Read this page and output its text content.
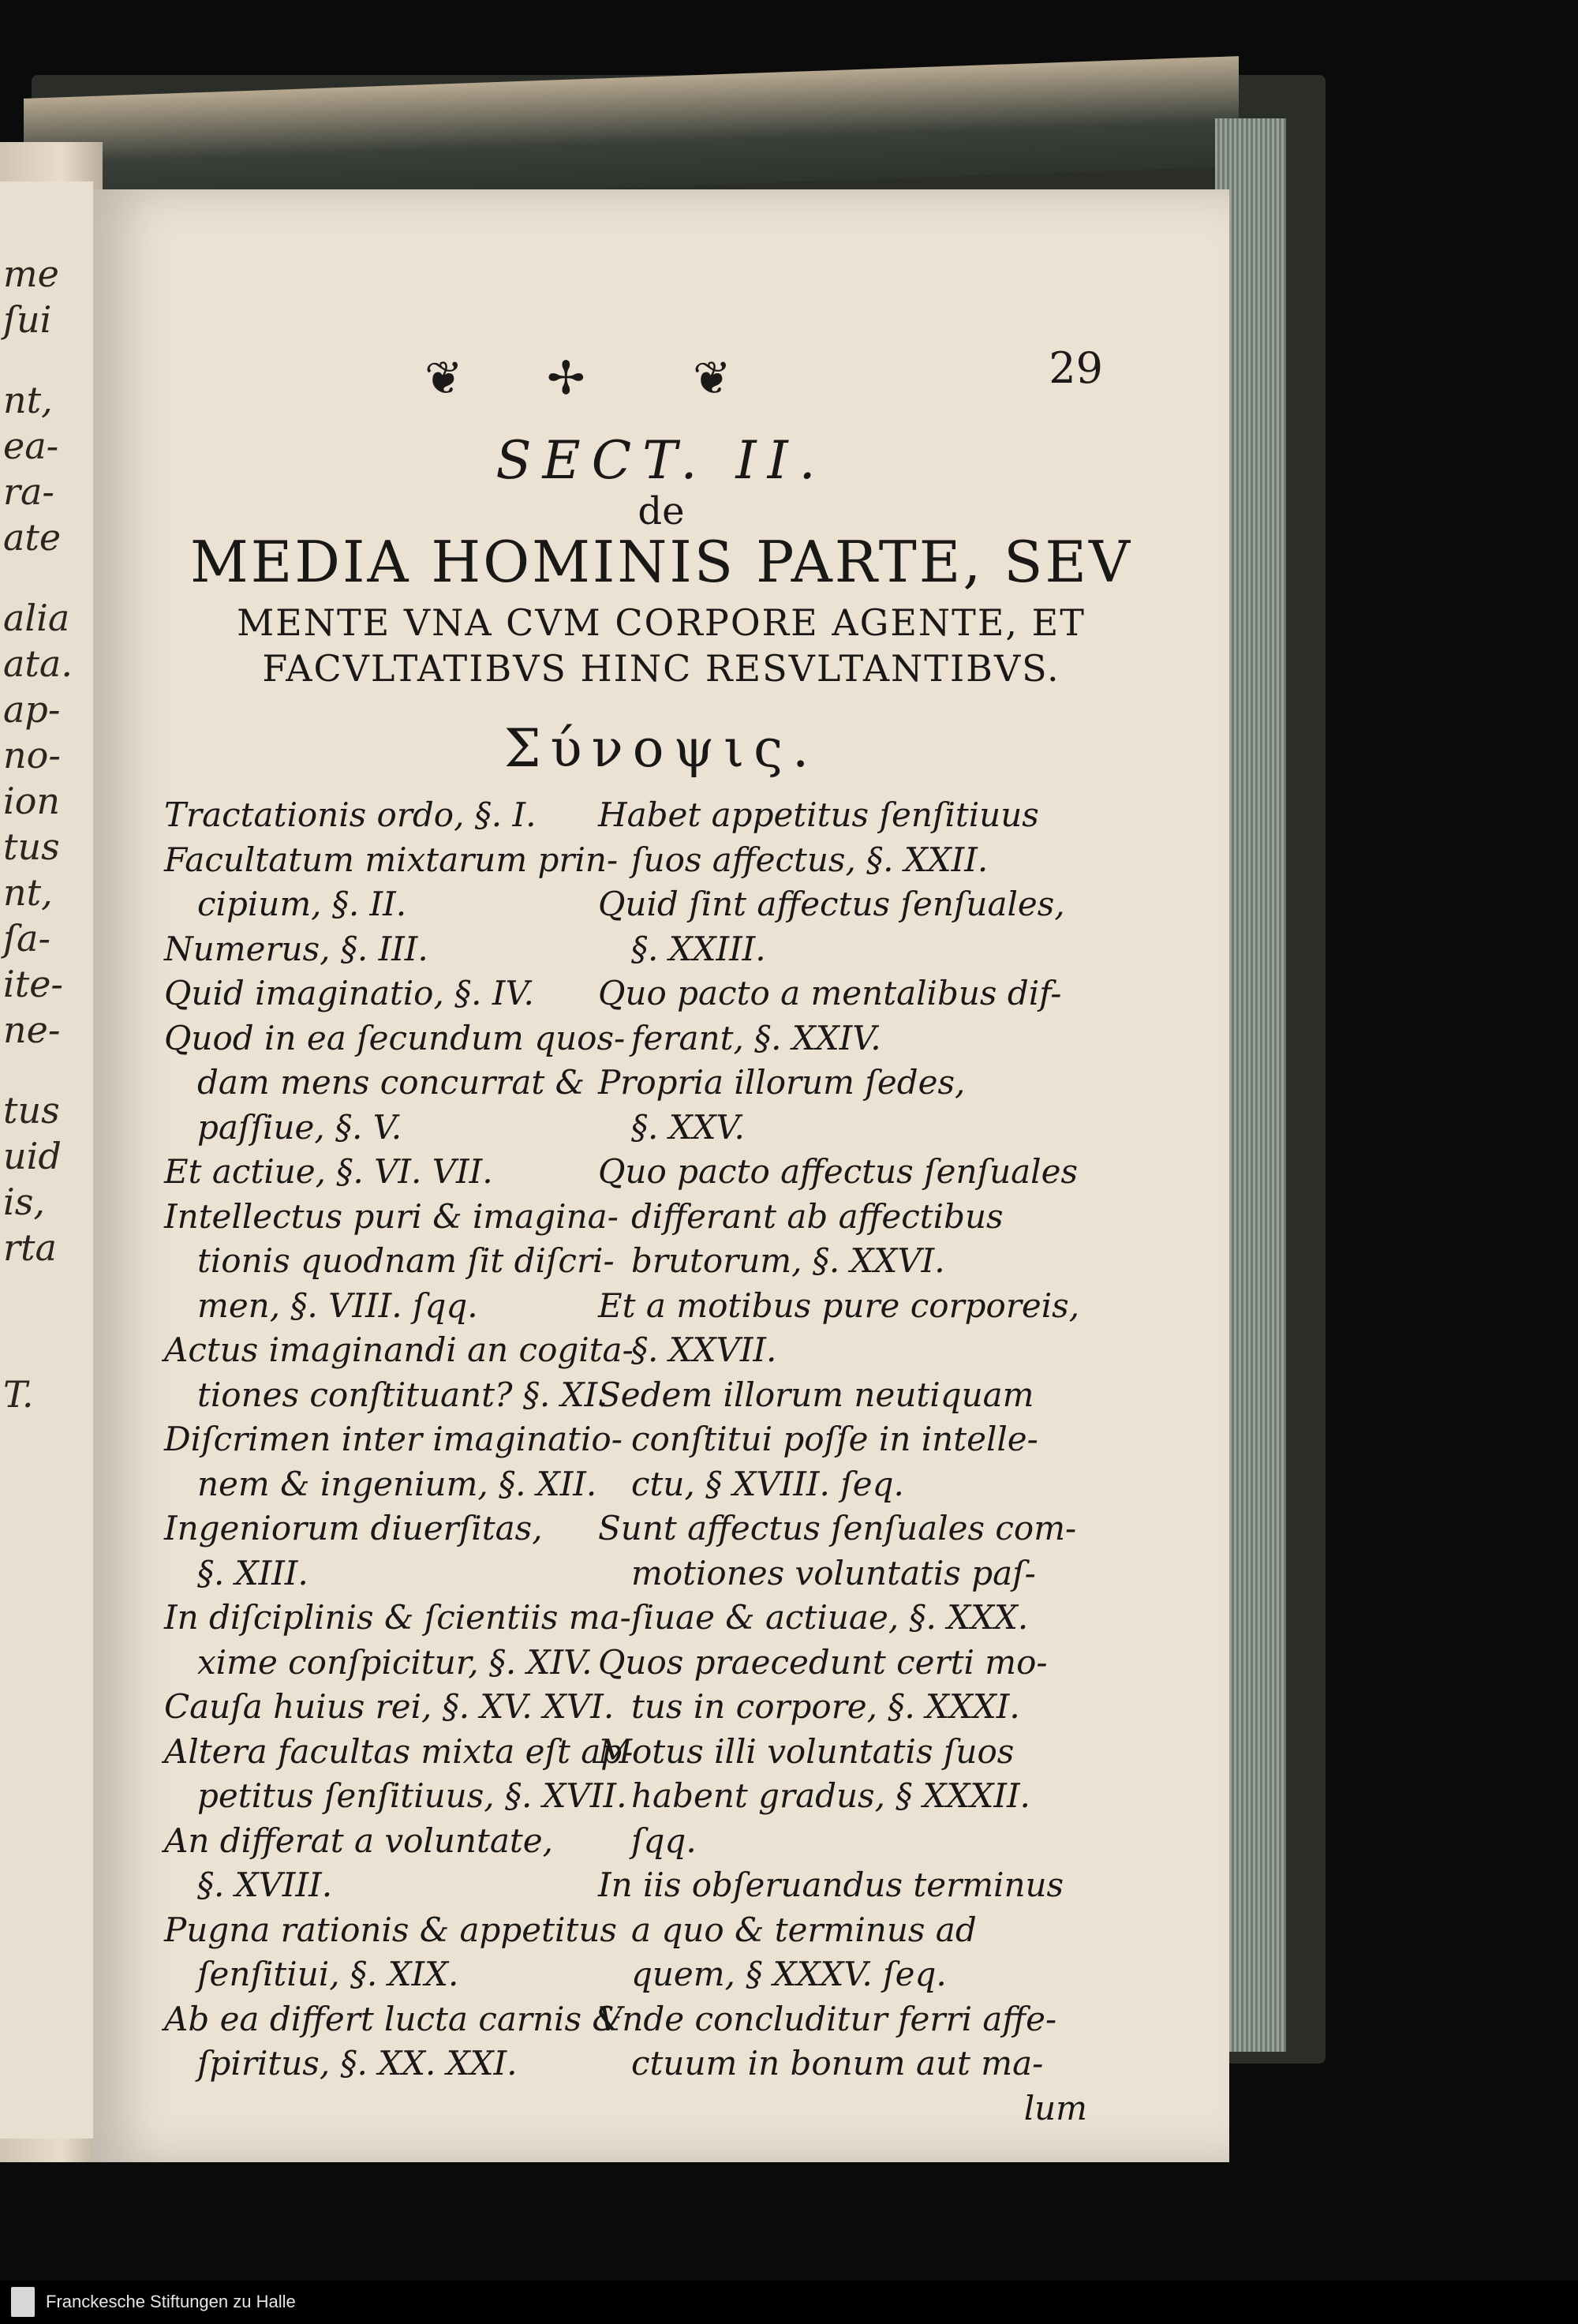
me
ſui
nt,
ea-
ra-
ate
alia
ata.
ap-
no-
ion
tus
nt,
ſa-
ite-
ne-
tus
uid
is,
rta
T.
❦ ✢ ❦	29
SECT. II.
de
MEDIA HOMINIS PARTE, SEV
MENTE VNA CVM CORPORE AGENTE, ET
FACVLTATIBVS HINC RESVLTANTIBVS.
Σύνοψις.
Tractationis ordo, §. I.
Facultatum mixtarum prin-
cipium, §. II.
Numerus, §. III.
Quid imaginatio, §. IV.
Quod in ea ſecundum quos-
dam mens concurrat &
paſſiue, §. V.
Et actiue, §. VI. VII.
Intellectus puri & imagina-
tionis quodnam ſit diſcri-
men, §. VIII. ſqq.
Actus imaginandi an cogita-
tiones conſtituant? §. XI.
Diſcrimen inter imaginatio-
nem & ingenium, §. XII.
Ingeniorum diuerſitas,
§. XIII.
In diſciplinis & ſcientiis ma-
xime conſpicitur, §. XIV.
Cauſa huius rei, §. XV. XVI.
Altera facultas mixta eſt ap-
petitus ſenſitiuus, §. XVII.
An differat a voluntate,
§. XVIII.
Pugna rationis & appetitus
ſenſitiui, §. XIX.
Ab ea differt lucta carnis &
ſpiritus, §. XX. XXI.
Habet appetitus ſenſitiuus
ſuos affectus, §. XXII.
Quid ſint affectus ſenſuales,
§. XXIII.
Quo pacto a mentalibus dif-
ferant, §. XXIV.
Propria illorum ſedes,
§. XXV.
Quo pacto affectus ſenſuales
differant ab affectibus
brutorum, §. XXVI.
Et a motibus pure corporeis,
§. XXVII.
Sedem illorum neutiquam
conſtitui poſſe in intelle-
ctu, § XVIII. ſeq.
Sunt affectus ſenſuales com-
motiones voluntatis paſ-
ſiuae & actiuae, §. XXX.
Quos praecedunt certi mo-
tus in corpore, §. XXXI.
Motus illi voluntatis ſuos
habent gradus, § XXXII.
ſqq.
In iis obſeruandus terminus
a quo & terminus ad
quem, § XXXV. ſeq.
Vnde concluditur ferri affe-
ctuum in bonum aut ma-
lum
Franckesche Stiftungen zu Halle
